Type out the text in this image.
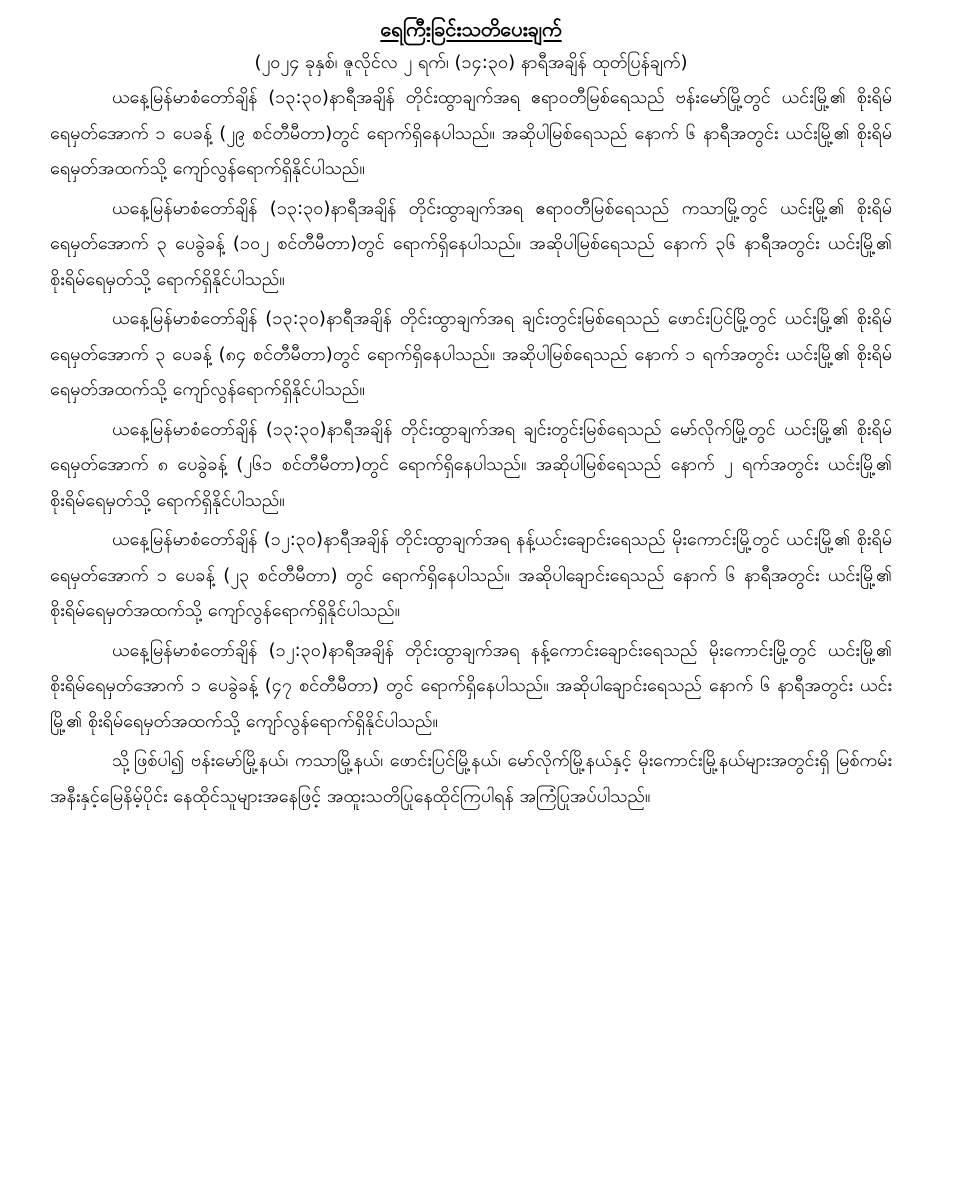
ရေကြီးခြင်းသတိပေးချက်

(၂၀၂၄ ခုနှစ်၊ ဇူလိုင်လ ၂ ရက်၊ (၁၄:၃၀) နာရီအချိန် ထုတ်ပြန်ချက်)

ယနေ့မြန်မာစံတော်ချိန် (၁၃:၃၀)နာရီအချိန် တိုင်းထွာချက်အရ ဧရာဝတီမြစ်ရေသည် ဗန်းမော်မြို့တွင် ယင်းမြို့၏ စိုးရိမ်ရေမှတ်အောက် ၁ ပေခန့် (၂၉ စင်တီမီတာ)တွင် ရောက်ရှိနေပါသည်။ အဆိုပါမြစ်ရေသည် နောက် ၆ နာရီအတွင်း ယင်းမြို့၏ စိုးရိမ်ရေမှတ်အထက်သို့ ကျော်လွန်ရောက်ရှိနိုင်ပါသည်။

ယနေ့မြန်မာစံတော်ချိန် (၁၃:၃၀)နာရီအချိန် တိုင်းထွာချက်အရ ဧရာဝတီမြစ်ရေသည် ကသာမြို့တွင် ယင်းမြို့၏ စိုးရိမ်ရေမှတ်အောက် ၃ ပေခွဲခန့် (၁၀၂ စင်တီမီတာ)တွင် ရောက်ရှိနေပါသည်။ အဆိုပါမြစ်ရေသည် နောက် ၃၆ နာရီအတွင်း ယင်းမြို့၏ စိုးရိမ်ရေမှတ်သို့ ရောက်ရှိနိုင်ပါသည်။

ယနေ့မြန်မာစံတော်ချိန် (၁၃:၃၀)နာရီအချိန် တိုင်းထွာချက်အရ ချင်းတွင်းမြစ်ရေသည် ဖောင်းပြင်မြို့တွင် ယင်းမြို့၏ စိုးရိမ်ရေမှတ်အောက် ၃ ပေခန့် (၈၄ စင်တီမီတာ)တွင် ရောက်ရှိနေပါသည်။ အဆိုပါမြစ်ရေသည် နောက် ၁ ရက်အတွင်း ယင်းမြို့၏ စိုးရိမ်ရေမှတ်အထက်သို့ ကျော်လွန်ရောက်ရှိနိုင်ပါသည်။

ယနေ့မြန်မာစံတော်ချိန် (၁၃:၃၀)နာရီအချိန် တိုင်းထွာချက်အရ ချင်းတွင်းမြစ်ရေသည် မော်လိုက်မြို့တွင် ယင်းမြို့၏ စိုးရိမ်ရေမှတ်အောက် ၈ ပေခွဲခန့် (၂၆၁ စင်တီမီတာ)တွင် ရောက်ရှိနေပါသည်။ အဆိုပါမြစ်ရေသည် နောက် ၂ ရက်အတွင်း ယင်းမြို့၏ စိုးရိမ်ရေမှတ်သို့ ရောက်ရှိနိုင်ပါသည်။

ယနေ့မြန်မာစံတော်ချိန် (၁၂:၃၀)နာရီအချိန် တိုင်းထွာချက်အရ နန့်ယင်းချောင်းရေသည် မိုးကောင်းမြို့တွင် ယင်းမြို့၏ စိုးရိမ်ရေမှတ်အောက် ၁ ပေခန့် (၂၃ စင်တီမီတာ) တွင် ရောက်ရှိနေပါသည်။ အဆိုပါချောင်းရေသည် နောက် ၆ နာရီအတွင်း ယင်းမြို့၏ စိုးရိမ်ရေမှတ်အထက်သို့ ကျော်လွန်ရောက်ရှိနိုင်ပါသည်။

ယနေ့မြန်မာစံတော်ချိန် (၁၂:၃၀)နာရီအချိန် တိုင်းထွာချက်အရ နန့်ကောင်းချောင်းရေသည် မိုးကောင်းမြို့တွင် ယင်းမြို့၏ စိုးရိမ်ရေမှတ်အောက် ၁ ပေခွဲခန့် (၄၇ စင်တီမီတာ) တွင် ရောက်ရှိနေပါသည်။ အဆိုပါချောင်းရေသည် နောက် ၆ နာရီအတွင်း ယင်းမြို့၏ စိုးရိမ်ရေမှတ်အထက်သို့ ကျော်လွန်ရောက်ရှိနိုင်ပါသည်။

သို့ဖြစ်ပါ၍ ဗန်းမော်မြို့နယ်၊ ကသာမြို့နယ်၊ ဖောင်းပြင်မြို့နယ်၊ မော်လိုက်မြို့နယ်နှင့် မိုးကောင်းမြို့နယ်များအတွင်းရှိ မြစ်ကမ်းအနီးနှင့်မြေနိမ့်ပိုင်း နေထိုင်သူများအနေဖြင့် အထူးသတိပြုနေထိုင်ကြပါရန် အကြံပြုအပ်ပါသည်။
